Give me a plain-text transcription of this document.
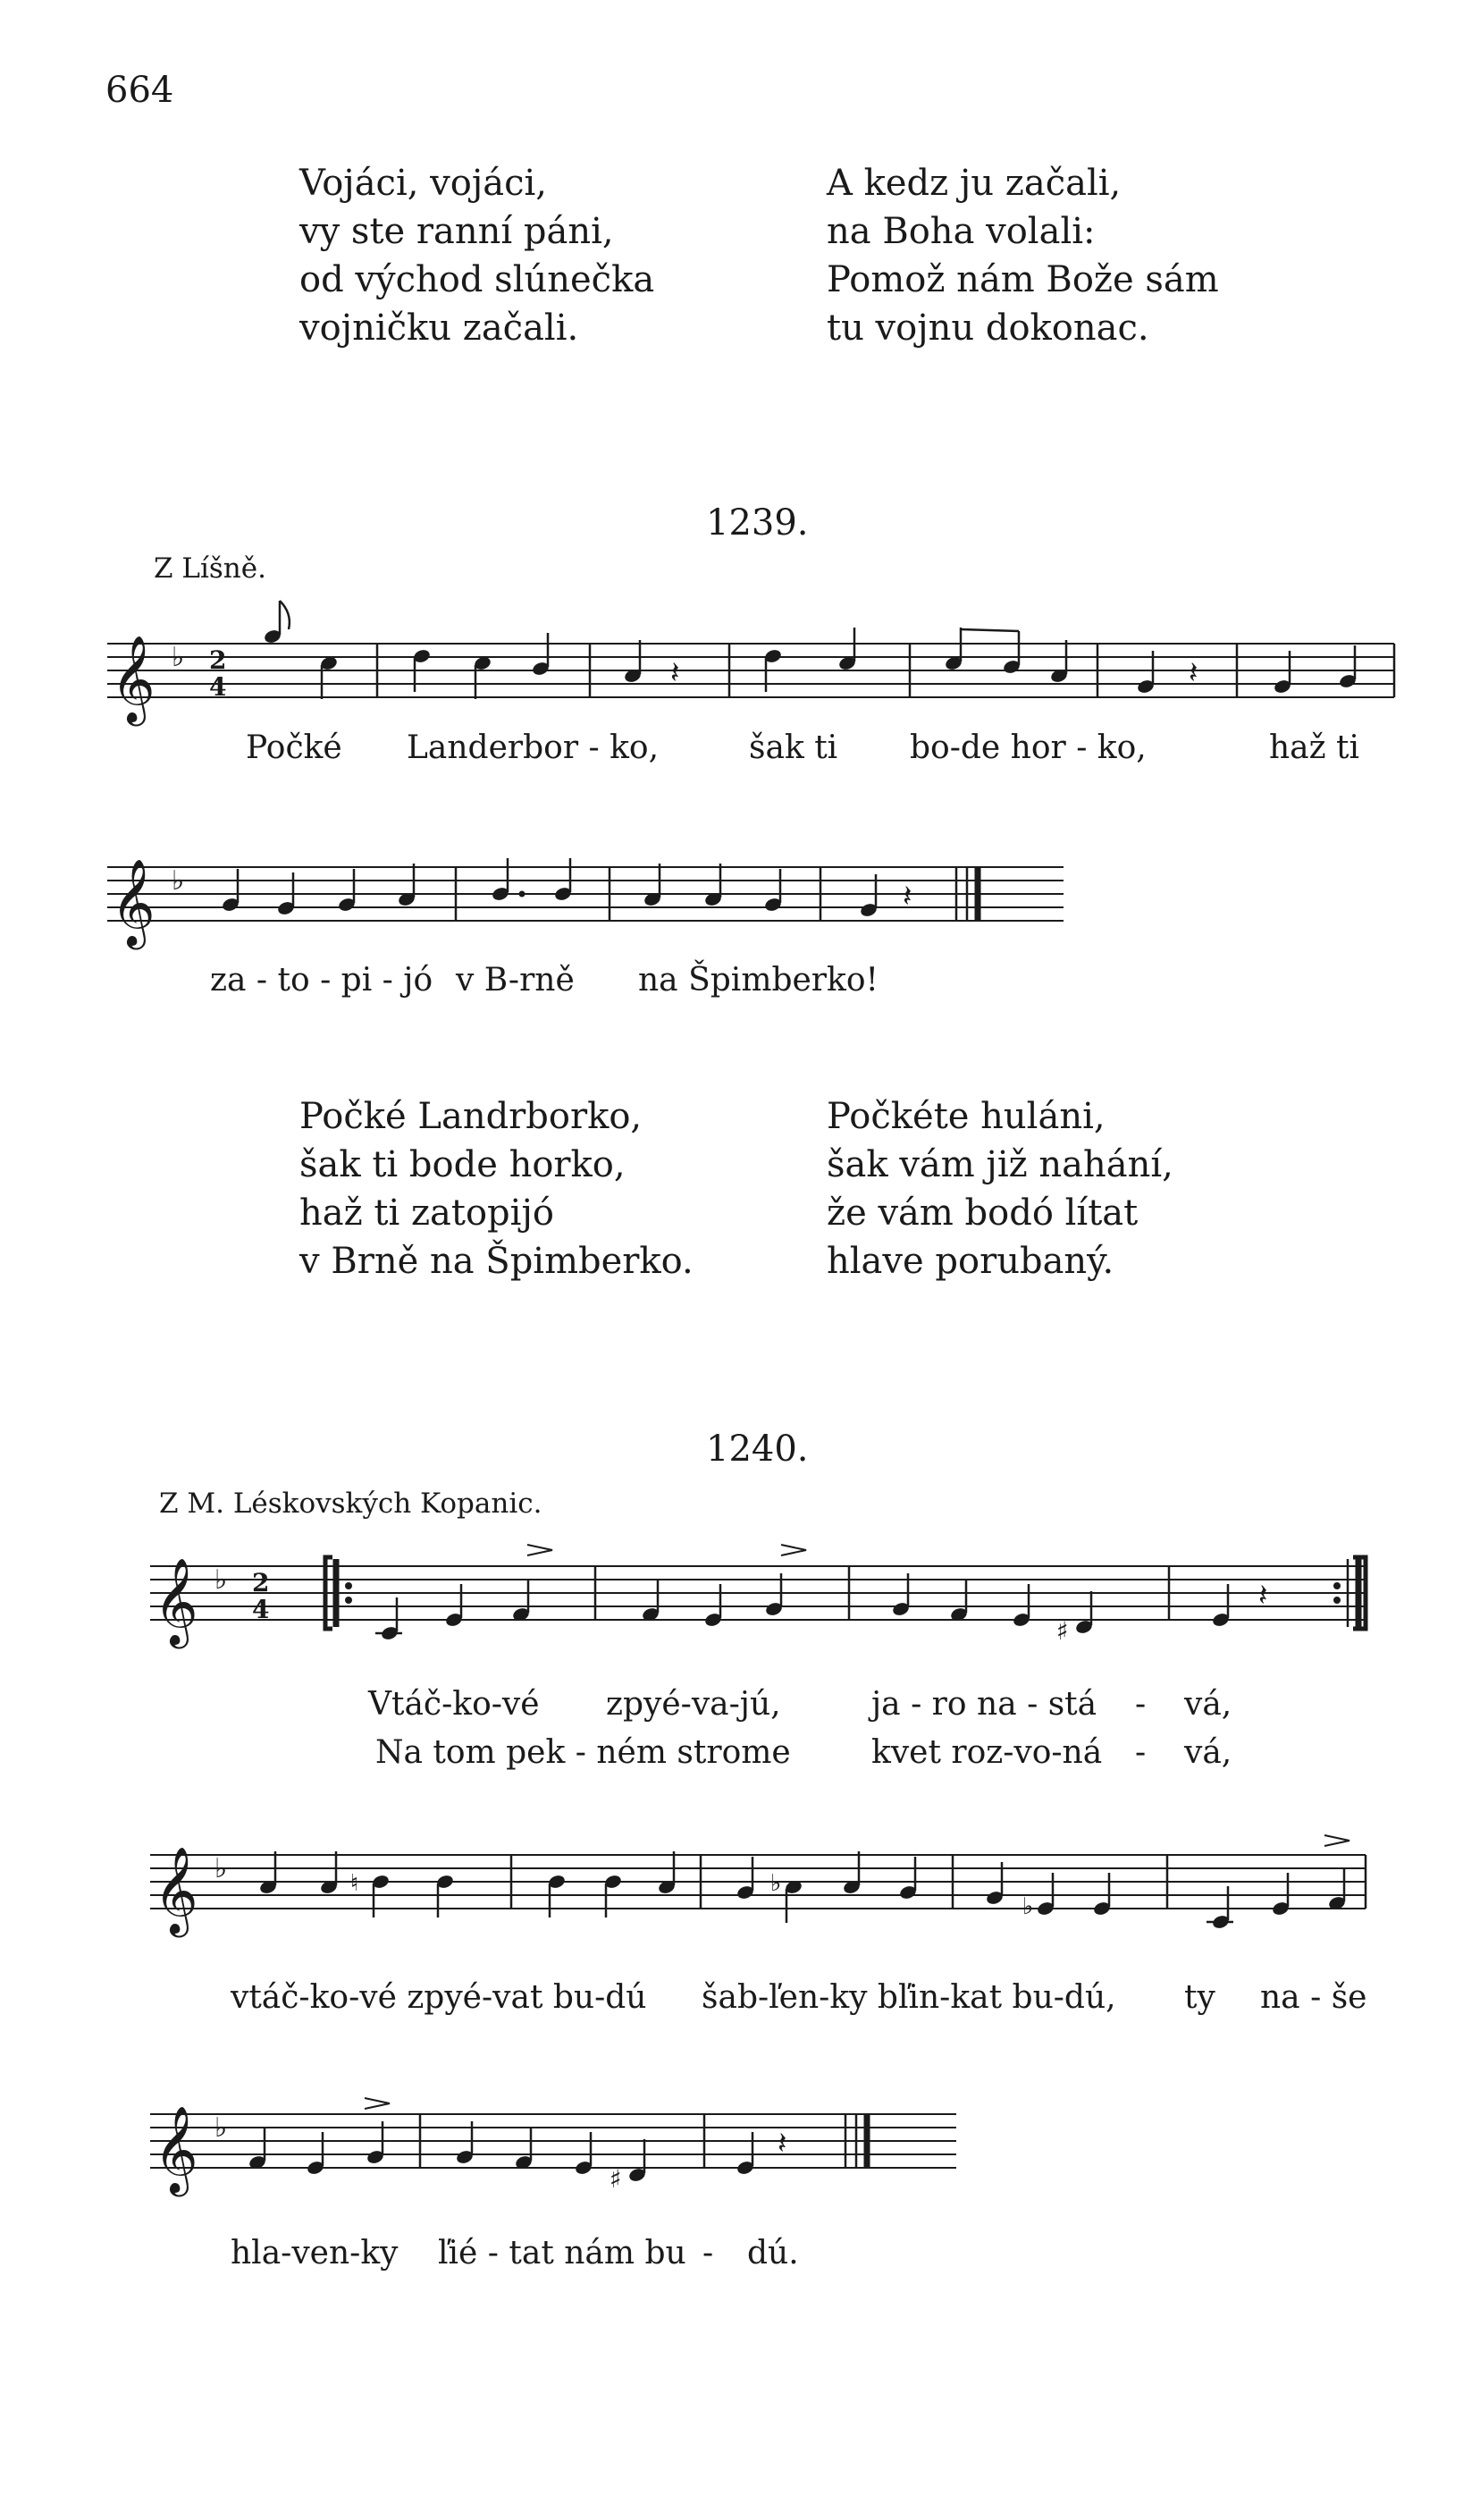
664
Vojáci, vojáci,
vy ste ranní páni,
od východ slúnečka
vojničku začali.
A kedz ju začali,
na Boha volali:
Pomož nám Bože sám
tu vojnu dokonac.
1239.
Z Líšně.
𝄞 ♭ 2
4	𝄽	𝄽
Počké Landerbor - ko,	šak ti bo-de hor - ko,	haž ti
𝄞 ♭	𝄽
za - to - pi - jó v B-rně na Špimberko!
Počké Landrborko,
šak ti bode horko,
haž ti zatopijó
v Brně na Špimberko.
Počkéte huláni,
šak vám již nahání,
že vám bodó lítat
hlave porubaný.
1240.
Z M. Léskovských Kopanic.
𝄞 ♭ 2
4
♯
𝄽
Vtáč-ko-vé zpyé-va-jú,	ja - ro na - stá - vá,
Na tom pek - ném strome	kvet roz-vo-ná - vá,
𝄞 ♭	♮	♭
♭
vtáč-ko-vé zpyé-vat bu-dú šab-ľen-ky bľin-kat bu-dú, ty na - še
𝄞 ♭
♯
𝄽
hla-ven-ky ľié - tat nám bu - dú.
